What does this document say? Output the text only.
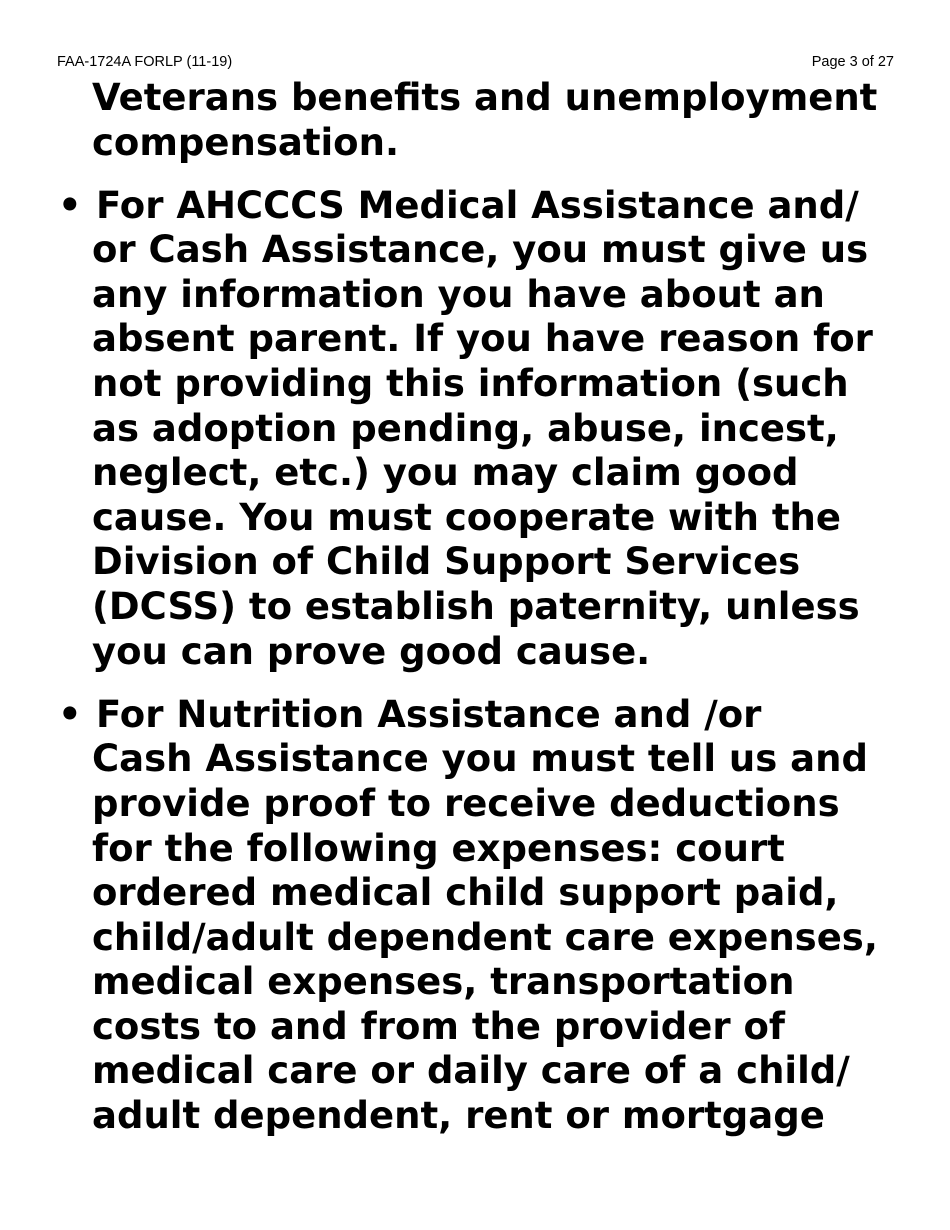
FAA-1724A FORLP (11-19)	Page 3 of 27
Veterans benefits and unemployment
compensation.
• For AHCCCS Medical Assistance and/
or Cash Assistance, you must give us
any information you have about an
absent parent. If you have reason for
not providing this information (such
as adoption pending, abuse, incest,
neglect, etc.) you may claim good
cause. You must cooperate with the
Division of Child Support Services
(DCSS) to establish paternity, unless
you can prove good cause.
• For Nutrition Assistance and /or
Cash Assistance you must tell us and
provide proof to receive deductions
for the following expenses: court
ordered medical child support paid,
child/adult dependent care expenses,
medical expenses, transportation
costs to and from the provider of
medical care or daily care of a child/
adult dependent, rent or mortgage
